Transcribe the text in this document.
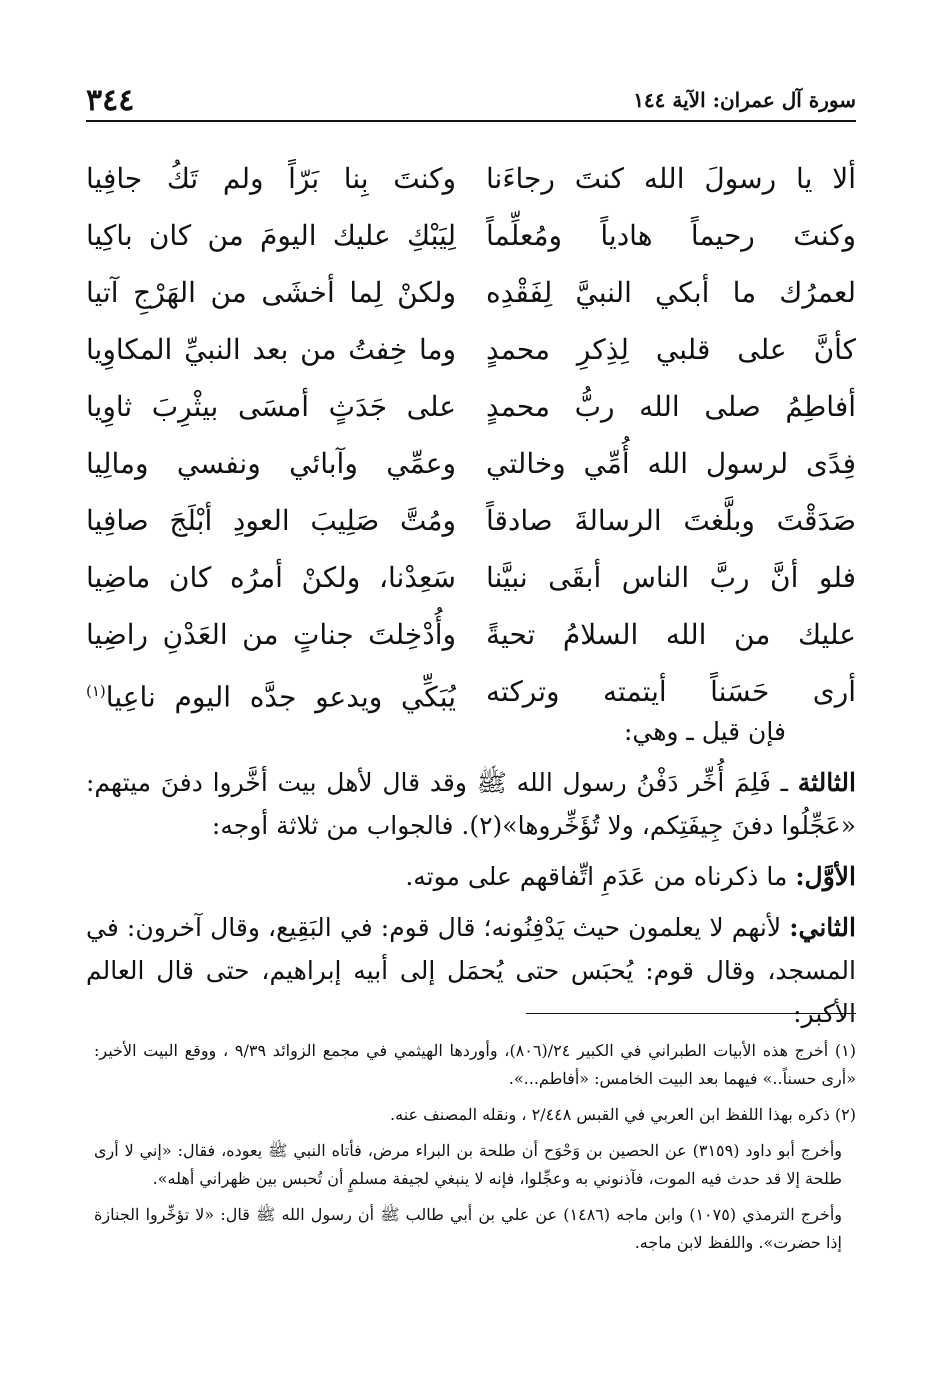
٣٤٤	سورة آل عمران: الآية ١٤٤
ألا يا رسولَ الله كنتَ رجاءَنا
وكنتَ رحيماً هادياً ومُعلِّماً
لعمرُك ما أبكي النبيَّ لِفَقْدِه
كأنَّ على قلبي لِذِكرِ محمدٍ
أفاطِمُ صلى الله ربُّ محمدٍ
فِدًى لرسول الله أُمِّي وخالتي
صَدَقْتَ وبلَّغتَ الرسالةَ صادقاً
فلو أنَّ ربَّ الناس أبقَى نبيَّنا
عليك من الله السلامُ تحيةً
أرى حَسَناً أيتمته وتركته
وكنتَ بِنا بَرّاً ولم تَكُ جافِيا
لِيَبْكِ عليك اليومَ من كان باكِيا
ولكنْ لِما أخشَى من الهَرْجِ آتيا
وما خِفتُ من بعد النبيِّ المكاوِيا
على جَدَثٍ أمسَى بيثْرِبَ ثاوِيا
وعمِّي وآبائي ونفسي ومالِيا
ومُتَّ صَلِيبَ العودِ أبْلَجَ صافِيا
سَعِدْنا، ولكنْ أمرُه كان ماضِيا
وأُدْخِلتَ جناتٍ من العَدْنِ راضِيا
يُبَكِّي ويدعو جدَّه اليوم ناعِيا$^{(١)}$

فإن قيل ـ وهي:

الثالثة ـ فَلِمَ أُخِّر دَفْنُ رسول الله ﷺ وقد قال لأهل بيت أخَّروا دفنَ ميتهم: «عَجِّلُوا دفنَ جِيفَتِكم، ولا تُؤَخِّروها»(٢). فالجواب من ثلاثة أوجه:

الأوَّل: ما ذكرناه من عَدَمِ اتِّفاقهم على موته.

الثاني: لأنهم لا يعلمون حيث يَدْفِنُونه؛ قال قوم: في البَقِيع، وقال آخرون: في المسجد، وقال قوم: يُحبَس حتى يُحمَل إلى أبيه إبراهيم، حتى قال العالم الأكبر:

(١) أخرج هذه الأبيات الطبراني في الكبير ٢٤/(٨٠٦)، وأوردها الهيثمي في مجمع الزوائد ٩/٣٩ ، ووقع البيت الأخير: «أرى حسناً..» فيهما بعد البيت الخامس: «أفاطم...».

(٢) ذكره بهذا اللفظ ابن العربي في القبس ٢/٤٤٨ ، ونقله المصنف عنه.

وأخرج أبو داود (٣١٥٩) عن الحصين بن وَحْوَح أن طلحة بن البراء مرض، فأتاه النبي ﷺ يعوده، فقال: «إني لا أرى طلحة إلا قد حدث فيه الموت، فآذنوني به وعجِّلوا، فإنه لا ينبغي لجيفة مسلمٍ أن تُحبس بين ظهراني أهله».

وأخرج الترمذي (١٠٧٥) وابن ماجه (١٤٨٦) عن علي بن أبي طالب ﷺ أن رسول الله ﷺ قال: «لا تؤخِّروا الجنازة إذا حضرت». واللفظ لابن ماجه.
